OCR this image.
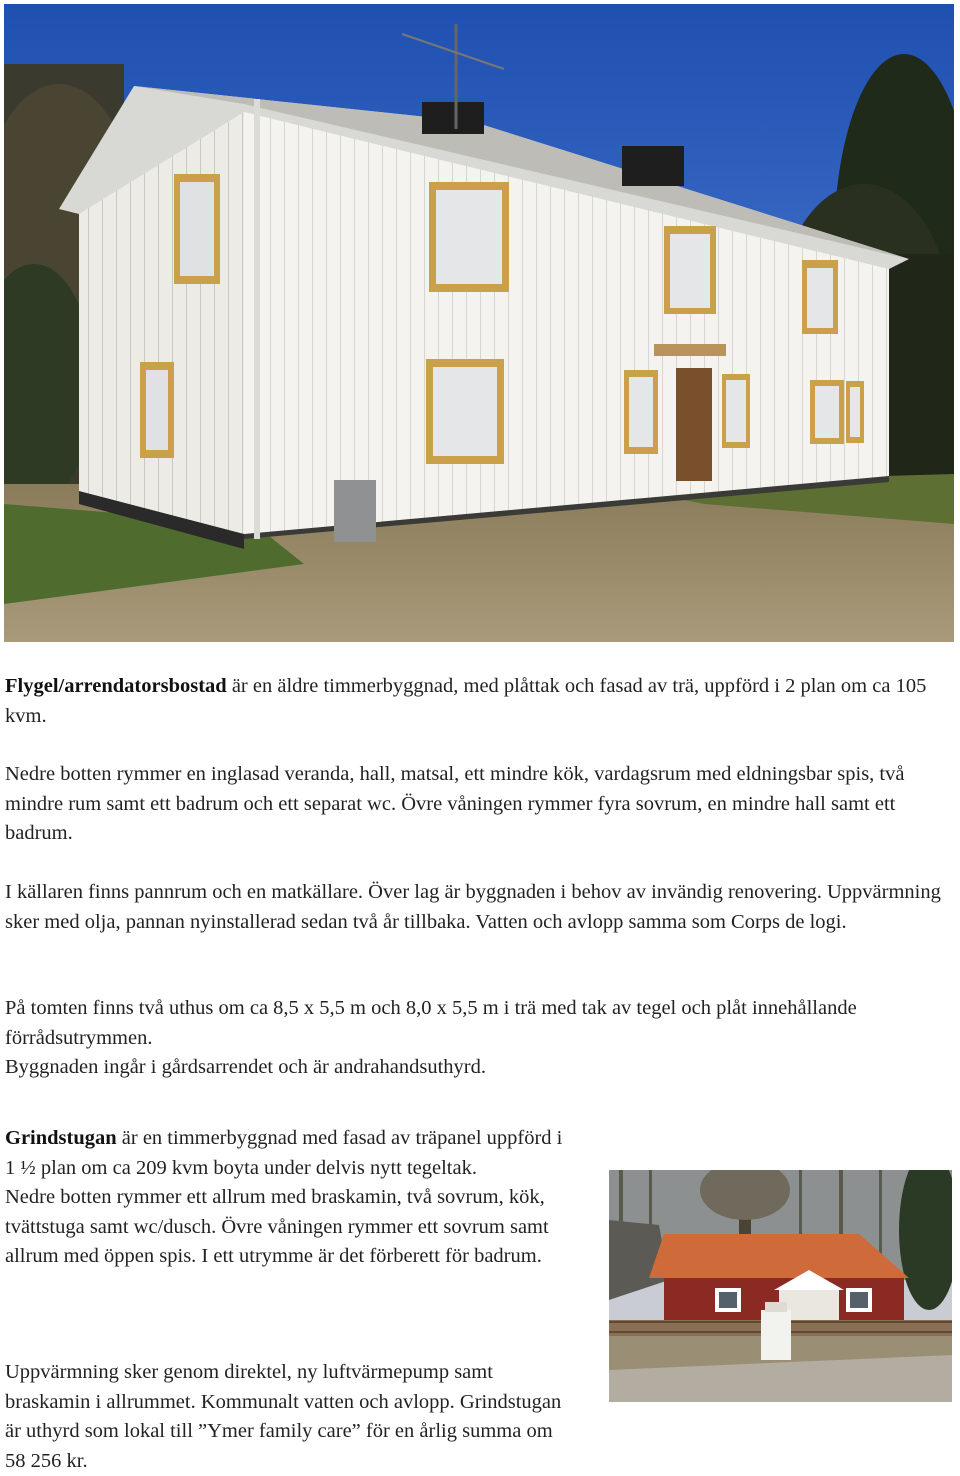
Flygel/arrendatorsbostad är en äldre timmerbyggnad, med plåttak och fasad av trä, uppförd i 2 plan om ca 105 kvm.

Nedre botten rymmer en inglasad veranda, hall, matsal, ett mindre kök, vardagsrum med eldningsbar spis, två mindre rum samt ett badrum och ett separat wc. Övre våningen rymmer fyra sovrum, en mindre hall samt ett badrum.

I källaren finns pannrum och en matkällare. Över lag är byggnaden i behov av invändig renovering. Uppvärmning sker med olja, pannan nyinstallerad sedan två år tillbaka. Vatten och avlopp samma som Corps de logi.

På tomten finns två uthus om ca 8,5 x 5,5 m och 8,0 x 5,5 m i trä med tak av tegel och plåt innehållande förrådsutrymmen.
Byggnaden ingår i gårdsarrendet och är andrahandsuthyrd.

Grindstugan är en timmerbyggnad med fasad av träpanel uppförd i 1 ½ plan om ca 209 kvm boyta under delvis nytt tegeltak.
Nedre botten rymmer ett allrum med braskamin, två sovrum, kök, tvättstuga samt wc/dusch. Övre våningen rymmer ett sovrum samt allrum med öppen spis. I ett utrymme är det förberett för badrum.

Uppvärmning sker genom direktel, ny luftvärmepump samt braskamin i allrummet. Kommunalt vatten och avlopp. Grindstugan är uthyrd som lokal till ”Ymer family care” för en årlig summa om 58 256 kr.
